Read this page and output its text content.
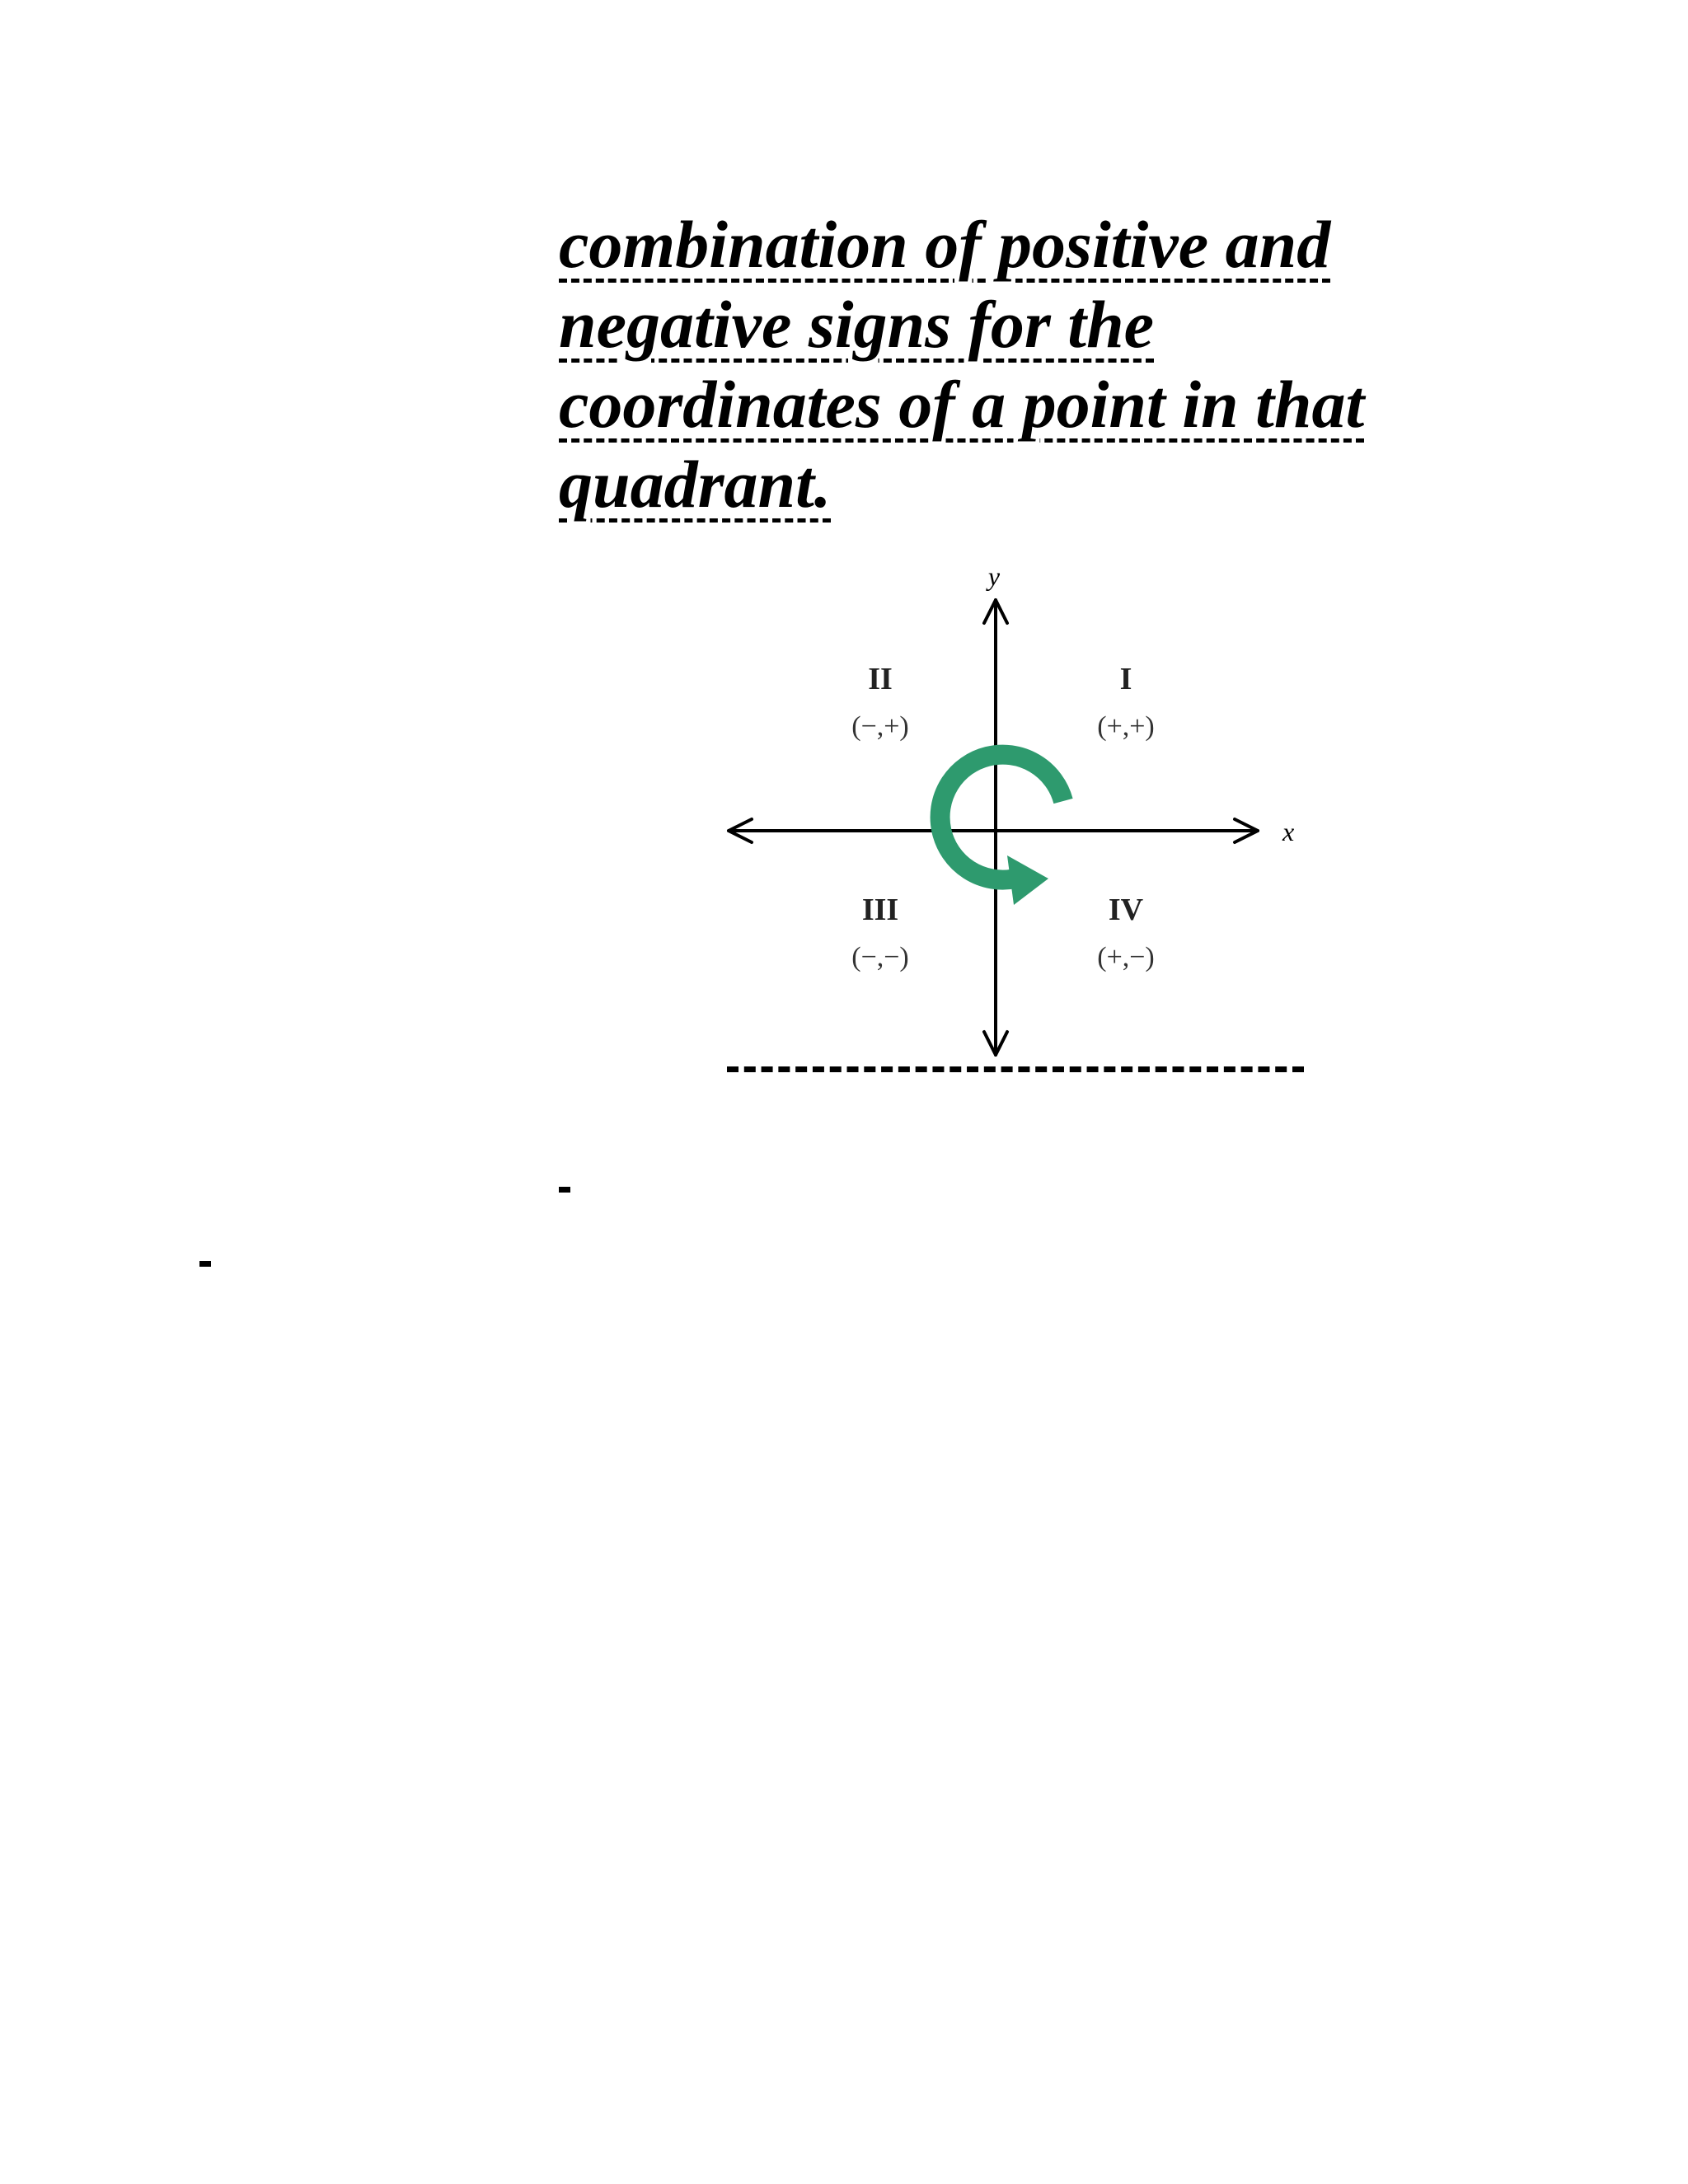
combination of positive and
negative signs for the
coordinates of a point in that
quadrant.
x
y
I
(+,+)
II
(−,+)
III
(−,−)
IV
(+,−)
